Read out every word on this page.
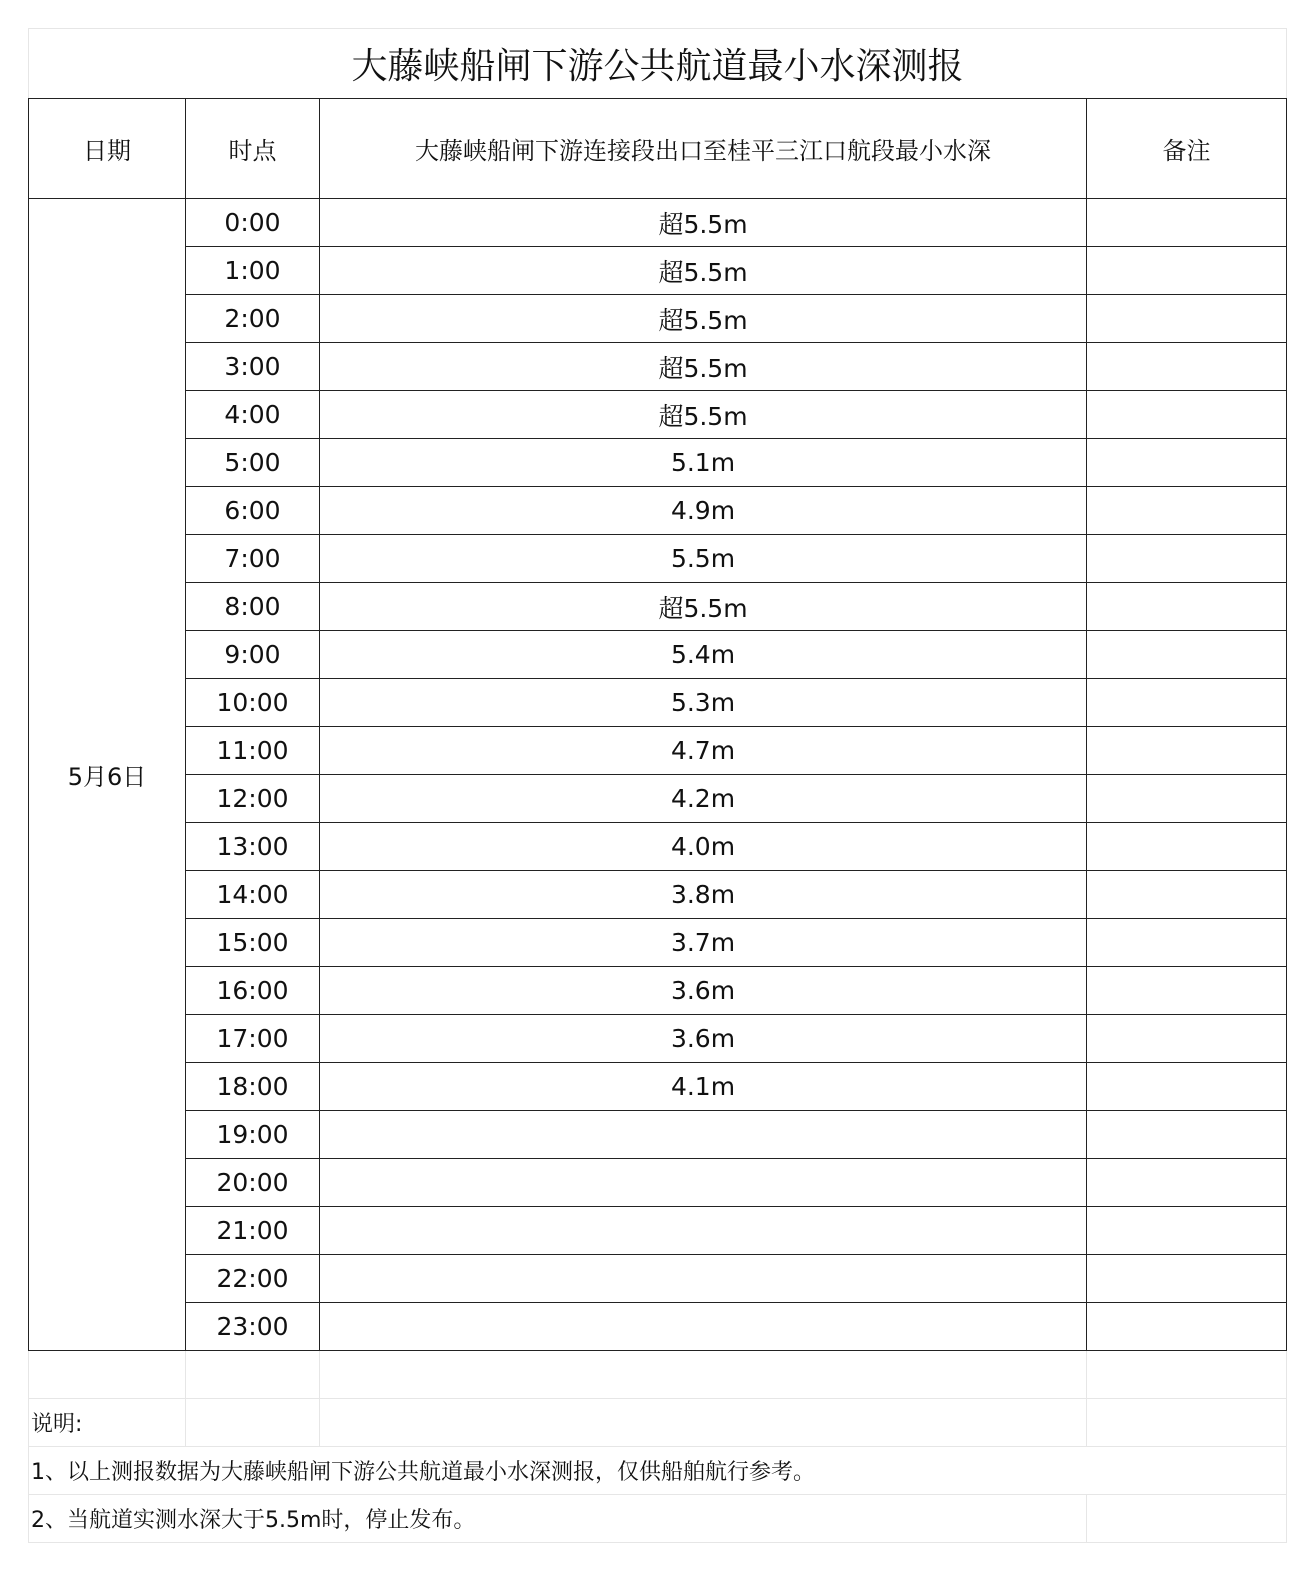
大藤峡船闸下游公共航道最小水深测报			
日期	时点	大藤峡船闸下游连接段出口至桂平三江口航段最小水深	备注
5月6日	0:00	超5.5m	
	1:00	超5.5m	
	2:00	超5.5m	
	3:00	超5.5m	
	4:00	超5.5m	
	5:00	5.1m	
	6:00	4.9m	
	7:00	5.5m	
	8:00	超5.5m	
	9:00	5.4m	
	10:00	5.3m	
	11:00	4.7m	
	12:00	4.2m	
	13:00	4.0m	
	14:00	3.8m	
	15:00	3.7m	
	16:00	3.6m	
	17:00	3.6m	
	18:00	4.1m	
	19:00		
	20:00		
	21:00		
	22:00		
	23:00		

说明:			
1、以上测报数据为大藤峡船闸下游公共航道最小水深测报，仅供船舶航行参考。			
2、当航道实测水深大于5.5m时，停止发布。			
